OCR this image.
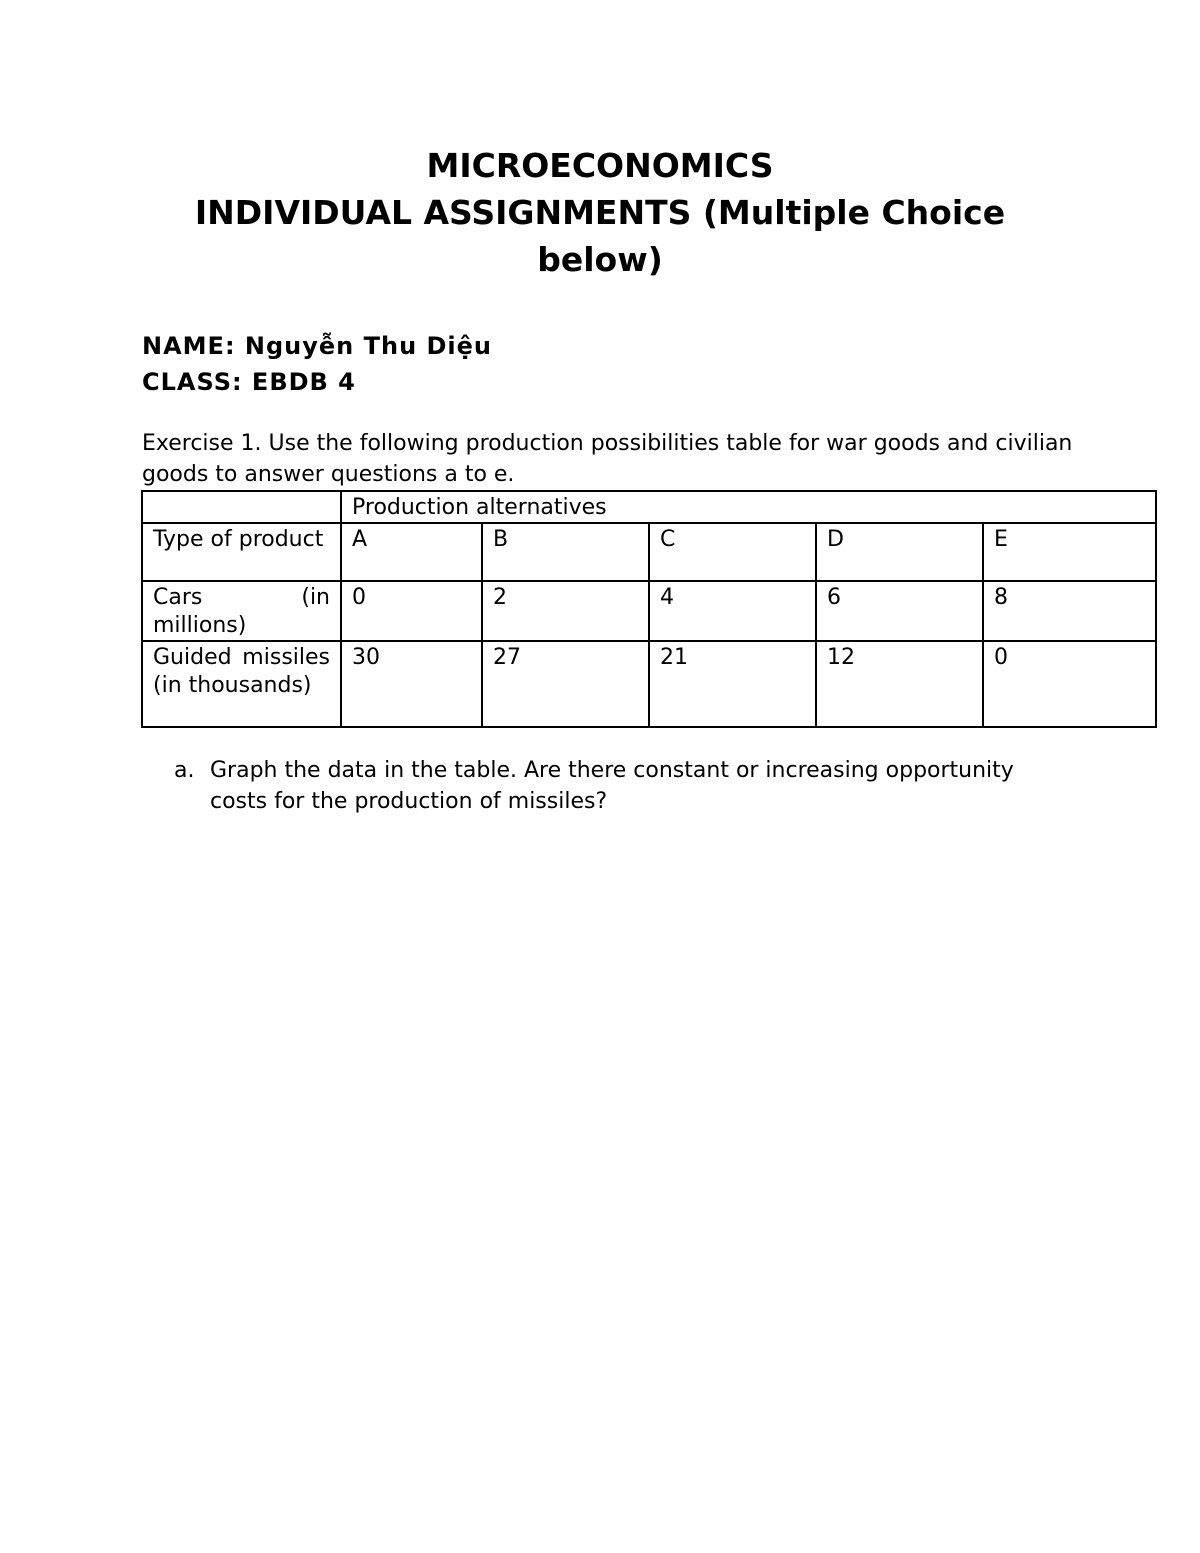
MICROECONOMICS
INDIVIDUAL ASSIGNMENTS (Multiple Choice
below)
NAME: Nguyễn Thu Diệu
CLASS: EBDB 4
Exercise 1. Use the following production possibilities table for war goods and civilian goods to answer questions a to e.
	Production alternatives				
Type of product	A	B	C	D	E
Cars (in millions)	0	2	4	6	8
Guided missiles (in thousands)	30	27	21	12	0
a. Graph the data in the table. Are there constant or increasing opportunity costs for the production of missiles?
